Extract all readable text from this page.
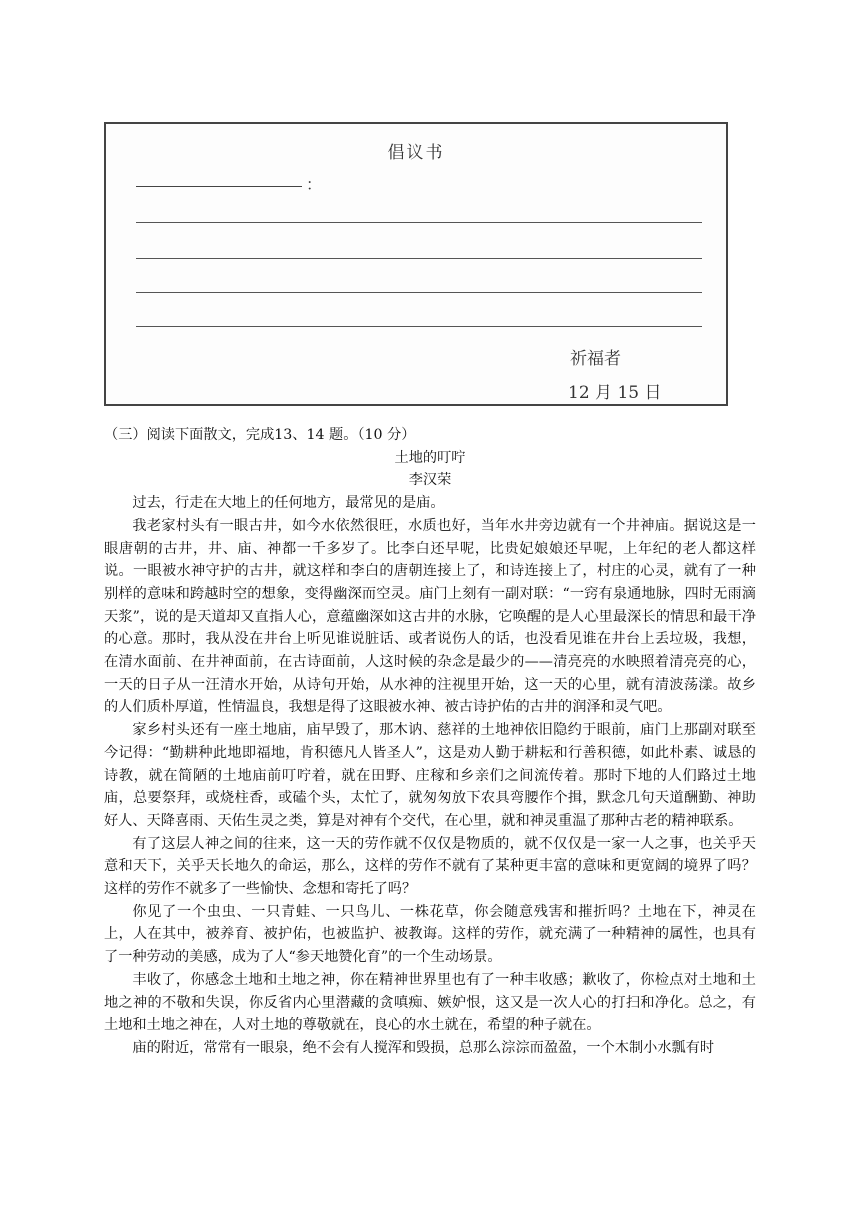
倡议书
：
祈福者
12 月 15 日

（三）阅读下面散文，完成13、14 题。（10 分）

土地的叮咛

李汉荣

过去，行走在大地上的任何地方，最常见的是庙。

我老家村头有一眼古井，如今水依然很旺，水质也好，当年水井旁边就有一个井神庙。据说这是一眼唐朝的古井，井、庙、神都一千多岁了。比李白还早呢，比贵妃娘娘还早呢，上年纪的老人都这样说。一眼被水神守护的古井，就这样和李白的唐朝连接上了，和诗连接上了，村庄的心灵，就有了一种别样的意味和跨越时空的想象，变得幽深而空灵。庙门上刻有一副对联：“一窍有泉通地脉，四时无雨滴天浆”，说的是天道却又直指人心，意蕴幽深如这古井的水脉，它唤醒的是人心里最深长的情思和最干净的心意。那时，我从没在井台上听见谁说脏话、或者说伤人的话，也没看见谁在井台上丢垃圾，我想，在清水面前、在井神面前，在古诗面前，人这时候的杂念是最少的——清亮亮的水映照着清亮亮的心，一天的日子从一汪清水开始，从诗句开始，从水神的注视里开始，这一天的心里，就有清波荡漾。故乡的人们质朴厚道，性情温良，我想是得了这眼被水神、被古诗护佑的古井的润泽和灵气吧。

家乡村头还有一座土地庙，庙早毁了，那木讷、慈祥的土地神依旧隐约于眼前，庙门上那副对联至今记得：“勤耕种此地即福地，肯积德凡人皆圣人”，这是劝人勤于耕耘和行善积德，如此朴素、诚恳的诗教，就在简陋的土地庙前叮咛着，就在田野、庄稼和乡亲们之间流传着。那时下地的人们路过土地庙，总要祭拜，或烧柱香，或磕个头，太忙了，就匆匆放下农具弯腰作个揖，默念几句天道酬勤、神助好人、天降喜雨、天佑生灵之类，算是对神有个交代，在心里，就和神灵重温了那种古老的精神联系。

有了这层人神之间的往来，这一天的劳作就不仅仅是物质的，就不仅仅是一家一人之事，也关乎天意和天下，关乎天长地久的命运，那么，这样的劳作不就有了某种更丰富的意味和更宽阔的境界了吗？这样的劳作不就多了一些愉快、念想和寄托了吗？

你见了一个虫虫、一只青蛙、一只鸟儿、一株花草，你会随意残害和摧折吗？土地在下，神灵在上，人在其中，被养育、被护佑，也被监护、被教诲。这样的劳作，就充满了一种精神的属性，也具有了一种劳动的美感，成为了人“参天地赞化育”的一个生动场景。

丰收了，你感念土地和土地之神，你在精神世界里也有了一种丰收感；歉收了，你检点对土地和土地之神的不敬和失误，你反省内心里潜藏的贪嗔痴、嫉妒恨，这又是一次人心的打扫和净化。总之，有土地和土地之神在，人对土地的尊敬就在，良心的水土就在，希望的种子就在。

庙的附近，常常有一眼泉，绝不会有人搅浑和毁损，总那么淙淙而盈盈，一个木制小水瓢有时
